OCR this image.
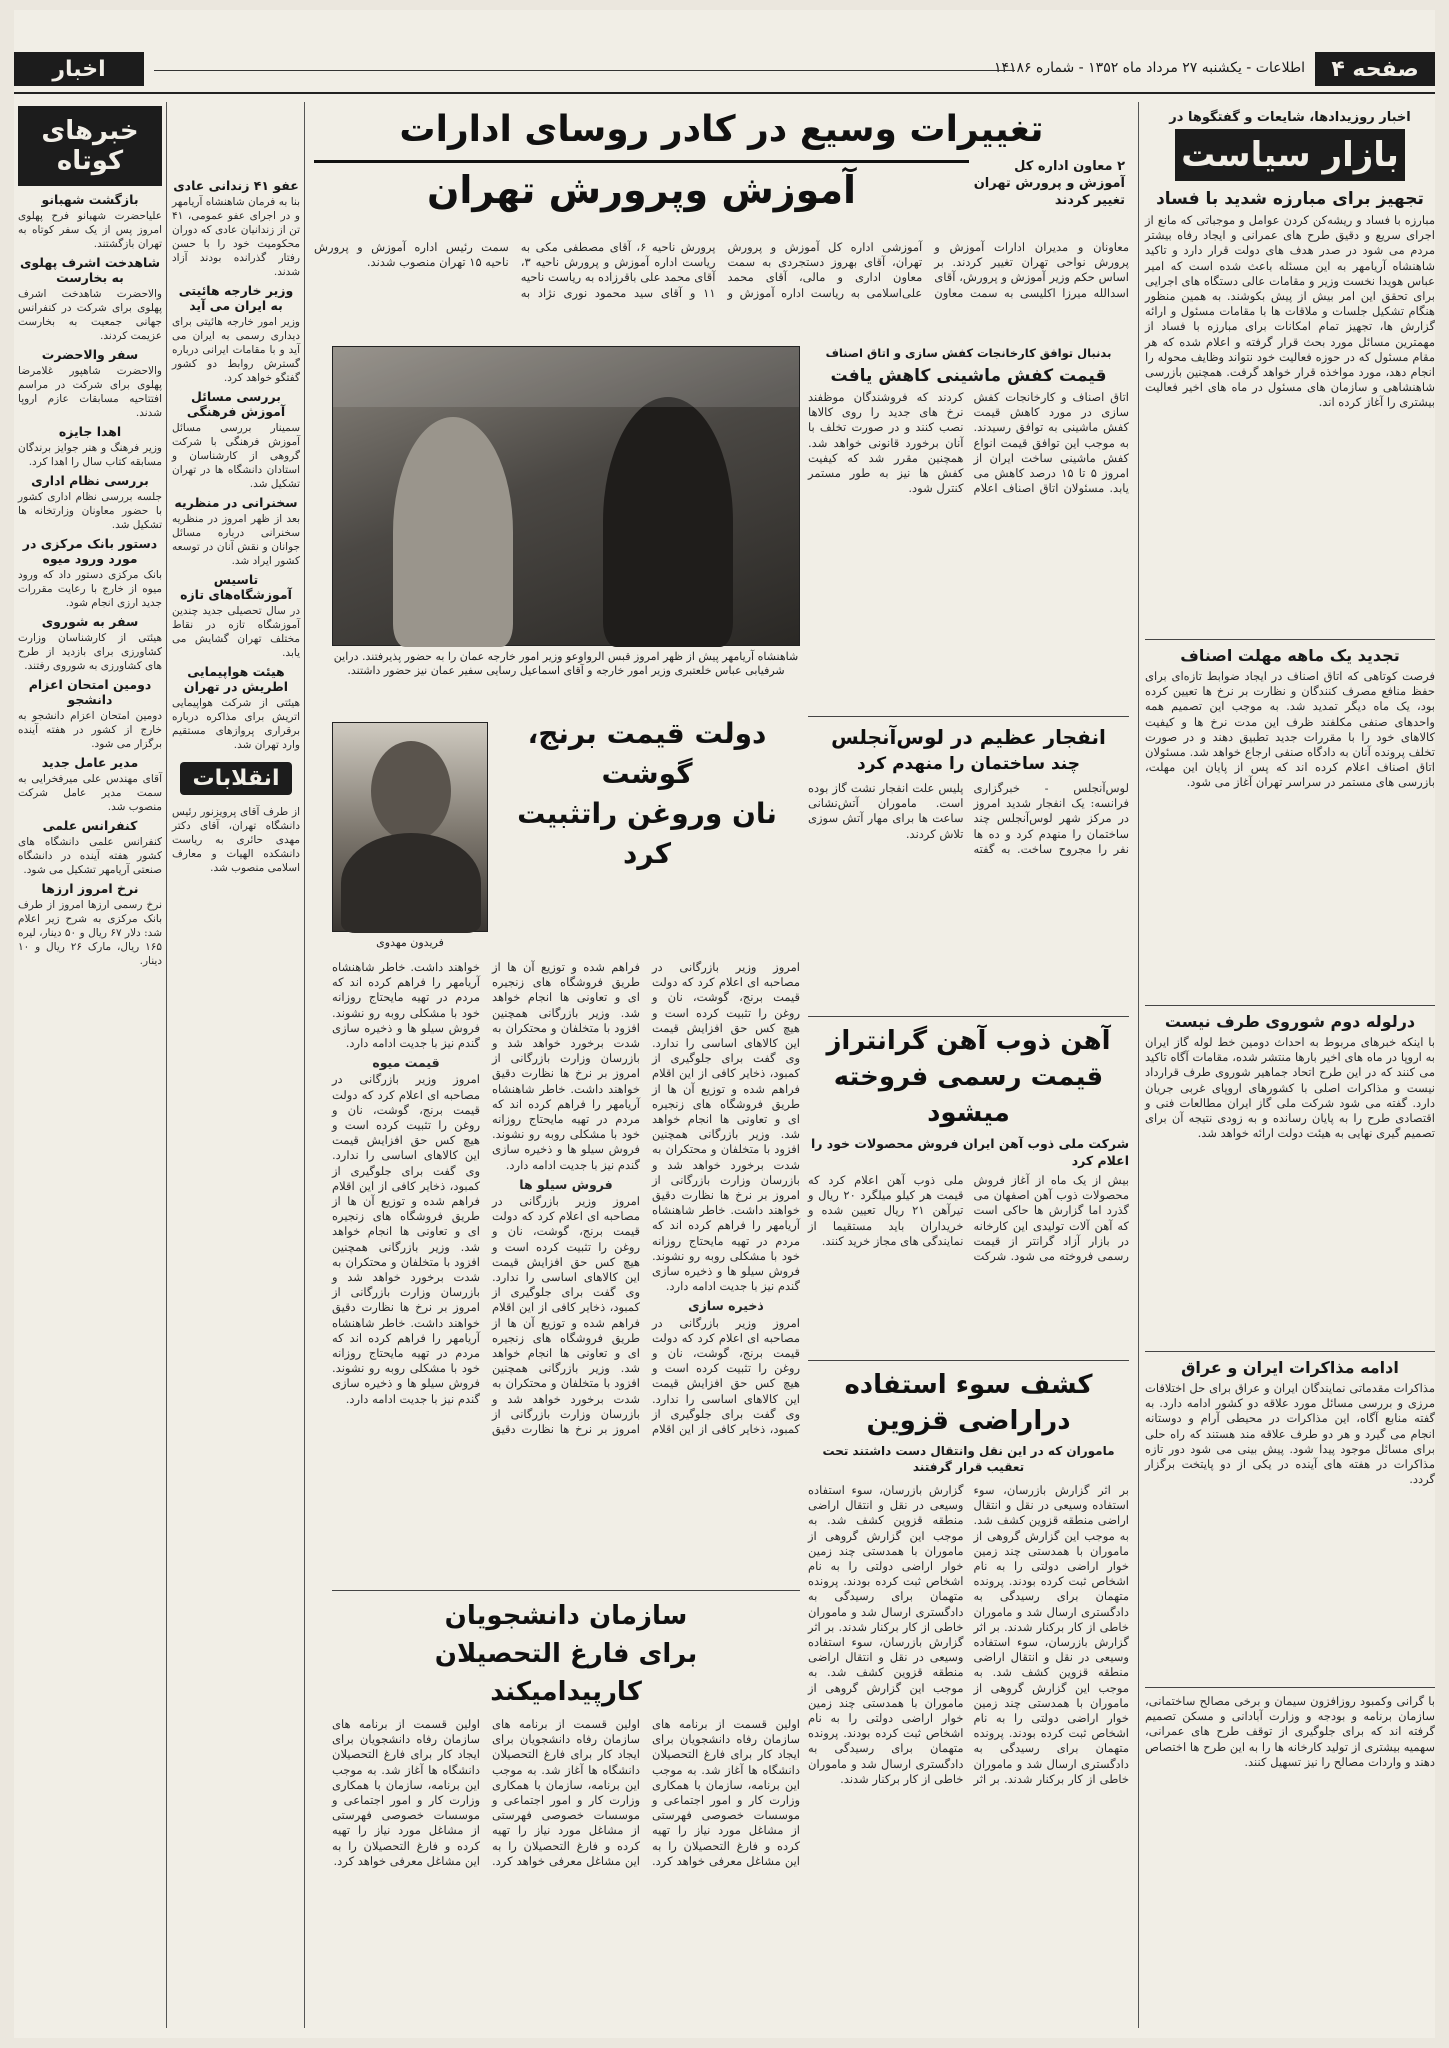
صفحه ۴
اطلاعات - یکشنبه ۲۷ مرداد ماه ۱۳۵۲ - شماره ۱۴۱۸۶
اخبار
اخبار روزیدادها، شایعات و گفتگوها در
بازار سیاست
تجهیز برای مبارزه شدید با فساد
مبارزه با فساد و ریشه‌کن کردن عوامل و موجباتی که مانع از اجرای سریع و دقیق طرح های عمرانی و ایجاد رفاه بیشتر مردم می شود در صدر هدف های دولت قرار دارد و تاکید شاهنشاه آریامهر به این مسئله باعث شده است که امیر عباس هویدا نخست وزیر و مقامات عالی دستگاه های اجرایی برای تحقق این امر بیش از پیش بکوشند. به همین منظور هنگام تشکیل جلسات و ملاقات ها با مقامات مسئول و ارائه گزارش ها، تجهیز تمام امکانات برای مبارزه با فساد از مهمترین مسائل مورد بحث قرار گرفته و اعلام شده که هر مقام مسئول که در حوزه فعالیت خود نتواند وظایف محوله را انجام دهد، مورد مواخذه قرار خواهد گرفت. همچنین بازرسی شاهنشاهی و سازمان های مسئول در ماه های اخیر فعالیت بیشتری را آغاز کرده اند.
تجدید یک ماهه مهلت اصناف
فرصت کوتاهی که اتاق اصناف در ایجاد ضوابط تازه‌ای برای حفظ منافع مصرف کنندگان و نظارت بر نرخ ها تعیین کرده بود، یک ماه دیگر تمدید شد. به موجب این تصمیم همه واحدهای صنفی مکلفند ظرف این مدت نرخ ها و کیفیت کالاهای خود را با مقررات جدید تطبیق دهند و در صورت تخلف پرونده آنان به دادگاه صنفی ارجاع خواهد شد. مسئولان اتاق اصناف اعلام کرده اند که پس از پایان این مهلت، بازرسی های مستمر در سراسر تهران آغاز می شود.
درلوله دوم شوروی طرف نیست
با اینکه خبرهای مربوط به احداث دومین خط لوله گاز ایران به اروپا در ماه های اخیر بارها منتشر شده، مقامات آگاه تاکید می کنند که در این طرح اتحاد جماهیر شوروی طرف قرارداد نیست و مذاکرات اصلی با کشورهای اروپای غربی جریان دارد. گفته می شود شرکت ملی گاز ایران مطالعات فنی و اقتصادی طرح را به پایان رسانده و به زودی نتیجه آن برای تصمیم گیری نهایی به هیئت دولت ارائه خواهد شد.
ادامه مذاکرات ایران و عراق
مذاکرات مقدماتی نمایندگان ایران و عراق برای حل اختلافات مرزی و بررسی مسائل مورد علاقه دو کشور ادامه دارد. به گفته منابع آگاه، این مذاکرات در محیطی آرام و دوستانه انجام می گیرد و هر دو طرف علاقه مند هستند که راه حلی برای مسائل موجود پیدا شود. پیش بینی می شود دور تازه مذاکرات در هفته های آینده در یکی از دو پایتخت برگزار گردد.
با گرانی وکمبود روزافزون سیمان و برخی مصالح ساختمانی، سازمان برنامه و بودجه و وزارت آبادانی و مسکن تصمیم گرفته اند که برای جلوگیری از توقف طرح های عمرانی، سهمیه بیشتری از تولید کارخانه ها را به این طرح ها اختصاص دهند و واردات مصالح را نیز تسهیل کنند.
تغییرات وسیع در کادر روسای ادارات
۲ معاون اداره کل آموزش و پرورش تهران تغییر کردند
آموزش وپرورش تهران
معاونان و مدیران ادارات آموزش و پرورش نواحی تهران تغییر کردند. بر اساس حکم وزیر آموزش و پرورش، آقای اسدالله میرزا اکلیسی به سمت معاون آموزشی اداره کل آموزش و پرورش تهران، آقای بهروز دستجردی به سمت معاون اداری و مالی، آقای محمد علی‌اسلامی به ریاست اداره آموزش و پرورش ناحیه ۶، آقای مصطفی مکی به ریاست اداره آموزش و پرورش ناحیه ۳، آقای محمد علی باقرزاده به ریاست ناحیه ۱۱ و آقای سید محمود نوری نژاد به سمت رئیس اداره آموزش و پرورش ناحیه ۱۵ تهران منصوب شدند.
شاهنشاه آریامهر پیش از ظهر امروز قبس الرواوعو وزیر امور خارجه عمان را به حضور پذیرفتند. دراین شرفیابی عباس خلعتبری وزیر امور خارجه و آقای اسماعیل رسایی سفیر عمان نیز حضور داشتند.
بدنبال توافق کارخانجات کفش سازی و اتاق اصناف
قیمت کفش ماشینی کاهش یافت
اتاق اصناف و کارخانجات کفش سازی در مورد کاهش قیمت کفش ماشینی به توافق رسیدند. به موجب این توافق قیمت انواع کفش ماشینی ساخت ایران از امروز ۵ تا ۱۵ درصد کاهش می یابد. مسئولان اتاق اصناف اعلام کردند که فروشندگان موظفند نرخ های جدید را روی کالاها نصب کنند و در صورت تخلف با آنان برخورد قانونی خواهد شد. همچنین مقرر شد که کیفیت کفش ها نیز به طور مستمر کنترل شود.
انفجار عظیم در لوس‌آنجلس
چند ساختمان را منهدم کرد
لوس‌آنجلس - خبرگزاری فرانسه: یک انفجار شدید امروز در مرکز شهر لوس‌آنجلس چند ساختمان را منهدم کرد و ده ها نفر را مجروح ساخت. به گفته پلیس علت انفجار نشت گاز بوده است. ماموران آتش‌نشانی ساعت ها برای مهار آتش سوزی تلاش کردند.
دولت قیمت برنج، گوشت
نان وروغن راتثبیت کرد
فریدون مهدوی
امروز وزیر بازرگانی در مصاحبه ای اعلام کرد که دولت قیمت برنج، گوشت، نان و روغن را تثبیت کرده است و هیچ کس حق افزایش قیمت این کالاهای اساسی را ندارد. وی گفت برای جلوگیری از کمبود، ذخایر کافی از این اقلام فراهم شده و توزیع آن ها از طریق فروشگاه های زنجیره ای و تعاونی ها انجام خواهد شد. وزیر بازرگانی همچنین افزود با متخلفان و محتکران به شدت برخورد خواهد شد و بازرسان وزارت بازرگانی از امروز بر نرخ ها نظارت دقیق خواهند داشت. خاطر شاهنشاه آریامهر را فراهم کرده اند که مردم در تهیه مایحتاج روزانه خود با مشکلی روبه رو نشوند. فروش سیلو ها و ذخیره سازی گندم نیز با جدیت ادامه دارد.
ذخیره سازی
امروز وزیر بازرگانی در مصاحبه ای اعلام کرد که دولت قیمت برنج، گوشت، نان و روغن را تثبیت کرده است و هیچ کس حق افزایش قیمت این کالاهای اساسی را ندارد. وی گفت برای جلوگیری از کمبود، ذخایر کافی از این اقلام فراهم شده و توزیع آن ها از طریق فروشگاه های زنجیره ای و تعاونی ها انجام خواهد شد. وزیر بازرگانی همچنین افزود با متخلفان و محتکران به شدت برخورد خواهد شد و بازرسان وزارت بازرگانی از امروز بر نرخ ها نظارت دقیق خواهند داشت. خاطر شاهنشاه آریامهر را فراهم کرده اند که مردم در تهیه مایحتاج روزانه خود با مشکلی روبه رو نشوند. فروش سیلو ها و ذخیره سازی گندم نیز با جدیت ادامه دارد.
فروش سیلو ها
امروز وزیر بازرگانی در مصاحبه ای اعلام کرد که دولت قیمت برنج، گوشت، نان و روغن را تثبیت کرده است و هیچ کس حق افزایش قیمت این کالاهای اساسی را ندارد. وی گفت برای جلوگیری از کمبود، ذخایر کافی از این اقلام فراهم شده و توزیع آن ها از طریق فروشگاه های زنجیره ای و تعاونی ها انجام خواهد شد. وزیر بازرگانی همچنین افزود با متخلفان و محتکران به شدت برخورد خواهد شد و بازرسان وزارت بازرگانی از امروز بر نرخ ها نظارت دقیق خواهند داشت. خاطر شاهنشاه آریامهر را فراهم کرده اند که مردم در تهیه مایحتاج روزانه خود با مشکلی روبه رو نشوند. فروش سیلو ها و ذخیره سازی گندم نیز با جدیت ادامه دارد.
قیمت میوه
امروز وزیر بازرگانی در مصاحبه ای اعلام کرد که دولت قیمت برنج، گوشت، نان و روغن را تثبیت کرده است و هیچ کس حق افزایش قیمت این کالاهای اساسی را ندارد. وی گفت برای جلوگیری از کمبود، ذخایر کافی از این اقلام فراهم شده و توزیع آن ها از طریق فروشگاه های زنجیره ای و تعاونی ها انجام خواهد شد. وزیر بازرگانی همچنین افزود با متخلفان و محتکران به شدت برخورد خواهد شد و بازرسان وزارت بازرگانی از امروز بر نرخ ها نظارت دقیق خواهند داشت. خاطر شاهنشاه آریامهر را فراهم کرده اند که مردم در تهیه مایحتاج روزانه خود با مشکلی روبه رو نشوند. فروش سیلو ها و ذخیره سازی گندم نیز با جدیت ادامه دارد.
آهن ذوب آهن گرانتراز
قیمت رسمی فروخته میشود
شرکت ملی ذوب آهن ایران فروش محصولات خود را اعلام کرد
بیش از یک ماه از آغاز فروش محصولات ذوب آهن اصفهان می گذرد اما گزارش ها حاکی است که آهن آلات تولیدی این کارخانه در بازار آزاد گرانتر از قیمت رسمی فروخته می شود. شرکت ملی ذوب آهن اعلام کرد که قیمت هر کیلو میلگرد ۲۰ ریال و تیرآهن ۲۱ ریال تعیین شده و خریداران باید مستقیما از نمایندگی های مجاز خرید کنند.
کشف سوء استفاده
دراراضی قزوین
ماموران که در این نقل وانتقال دست داشتند تحت تعقیب قرار گرفتند
بر اثر گزارش بازرسان، سوء استفاده وسیعی در نقل و انتقال اراضی منطقه قزوین کشف شد. به موجب این گزارش گروهی از ماموران با همدستی چند زمین خوار اراضی دولتی را به نام اشخاص ثبت کرده بودند. پرونده متهمان برای رسیدگی به دادگستری ارسال شد و ماموران خاطی از کار برکنار شدند. بر اثر گزارش بازرسان، سوء استفاده وسیعی در نقل و انتقال اراضی منطقه قزوین کشف شد. به موجب این گزارش گروهی از ماموران با همدستی چند زمین خوار اراضی دولتی را به نام اشخاص ثبت کرده بودند. پرونده متهمان برای رسیدگی به دادگستری ارسال شد و ماموران خاطی از کار برکنار شدند. بر اثر گزارش بازرسان، سوء استفاده وسیعی در نقل و انتقال اراضی منطقه قزوین کشف شد. به موجب این گزارش گروهی از ماموران با همدستی چند زمین خوار اراضی دولتی را به نام اشخاص ثبت کرده بودند. پرونده متهمان برای رسیدگی به دادگستری ارسال شد و ماموران خاطی از کار برکنار شدند. بر اثر گزارش بازرسان، سوء استفاده وسیعی در نقل و انتقال اراضی منطقه قزوین کشف شد. به موجب این گزارش گروهی از ماموران با همدستی چند زمین خوار اراضی دولتی را به نام اشخاص ثبت کرده بودند. پرونده متهمان برای رسیدگی به دادگستری ارسال شد و ماموران خاطی از کار برکنار شدند.
سازمان دانشجویان
برای فارغ التحصیلان
کارپیدامیکند
اولین قسمت از برنامه های سازمان رفاه دانشجویان برای ایجاد کار برای فارغ التحصیلان دانشگاه ها آغاز شد. به موجب این برنامه، سازمان با همکاری وزارت کار و امور اجتماعی و موسسات خصوصی فهرستی از مشاغل مورد نیاز را تهیه کرده و فارغ التحصیلان را به این مشاغل معرفی خواهد کرد. اولین قسمت از برنامه های سازمان رفاه دانشجویان برای ایجاد کار برای فارغ التحصیلان دانشگاه ها آغاز شد. به موجب این برنامه، سازمان با همکاری وزارت کار و امور اجتماعی و موسسات خصوصی فهرستی از مشاغل مورد نیاز را تهیه کرده و فارغ التحصیلان را به این مشاغل معرفی خواهد کرد. اولین قسمت از برنامه های سازمان رفاه دانشجویان برای ایجاد کار برای فارغ التحصیلان دانشگاه ها آغاز شد. به موجب این برنامه، سازمان با همکاری وزارت کار و امور اجتماعی و موسسات خصوصی فهرستی از مشاغل مورد نیاز را تهیه کرده و فارغ التحصیلان را به این مشاغل معرفی خواهد کرد.
عفو ۴۱ زندانی عادی
بنا به فرمان شاهنشاه آریامهر و در اجرای عفو عمومی، ۴۱ تن از زندانیان عادی که دوران محکومیت خود را با حسن رفتار گذرانده بودند آزاد شدند.
وزیر خارجه هائیتی به ایران می آید
وزیر امور خارجه هائیتی برای دیداری رسمی به ایران می آید و با مقامات ایرانی درباره گسترش روابط دو کشور گفتگو خواهد کرد.
بررسی مسائل آموزش فرهنگی
سمینار بررسی مسائل آموزش فرهنگی با شرکت گروهی از کارشناسان و استادان دانشگاه ها در تهران تشکیل شد.
سخنرانی در منظریه
بعد از ظهر امروز در منظریه سخنرانی درباره مسائل جوانان و نقش آنان در توسعه کشور ایراد شد.
تاسیس آموزشگاه‌های تازه
در سال تحصیلی جدید چندین آموزشگاه تازه در نقاط مختلف تهران گشایش می یابد.
هیئت هواپیمایی اطریش در تهران
هیئتی از شرکت هواپیمایی اتریش برای مذاکره درباره برقراری پروازهای مستقیم وارد تهران شد.
انقلابات
از طرف آقای پرویزنور رئیس دانشگاه تهران، آقای دکتر مهدی حائری به ریاست دانشکده الهیات و معارف اسلامی منصوب شد.
خبرهای کوتاه
بازگشت شهبانو
علیاحضرت شهبانو فرح پهلوی امروز پس از یک سفر کوتاه به تهران بازگشتند.
شاهدخت اشرف پهلوی به بخارست
والاحضرت شاهدخت اشرف پهلوی برای شرکت در کنفرانس جهانی جمعیت به بخارست عزیمت کردند.
سفر والاحضرت
والاحضرت شاهپور غلامرضا پهلوی برای شرکت در مراسم افتتاحیه مسابقات عازم اروپا شدند.
اهدا جایزه
وزیر فرهنگ و هنر جوایز برندگان مسابقه کتاب سال را اهدا کرد.
بررسی نظام اداری
جلسه بررسی نظام اداری کشور با حضور معاونان وزارتخانه ها تشکیل شد.
دستور بانک مرکزی در مورد ورود میوه
بانک مرکزی دستور داد که ورود میوه از خارج با رعایت مقررات جدید ارزی انجام شود.
سفر به شوروی
هیئتی از کارشناسان وزارت کشاورزی برای بازدید از طرح های کشاورزی به شوروی رفتند.
دومین امتحان اعزام دانشجو
دومین امتحان اعزام دانشجو به خارج از کشور در هفته آینده برگزار می شود.
مدیر عامل جدید
آقای مهندس علی میرفخرایی به سمت مدیر عامل شرکت منصوب شد.
کنفرانس علمی
کنفرانس علمی دانشگاه های کشور هفته آینده در دانشگاه صنعتی آریامهر تشکیل می شود.
نرخ امروز ارزها
نرخ رسمی ارزها امروز از طرف بانک مرکزی به شرح زیر اعلام شد: دلار ۶۷ ریال و ۵۰ دینار، لیره ۱۶۵ ریال، مارک ۲۶ ریال و ۱۰ دینار.
